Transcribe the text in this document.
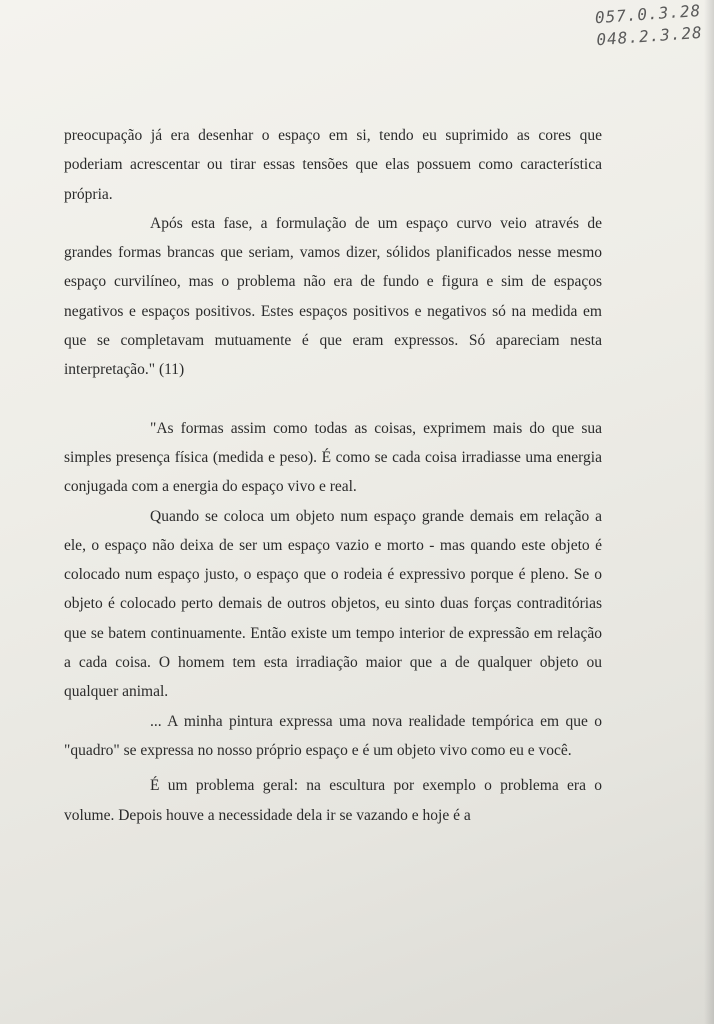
057.0.3.28
048.2.3.28

preocupação já era desenhar o espaço em si, tendo eu suprimido as cores que poderiam acrescentar ou tirar essas tensões que elas possuem como característica própria.

Após esta fase, a formulação de um espaço curvo veio através de grandes formas brancas que seriam, vamos dizer, sólidos planificados nesse mesmo espaço curvilíneo, mas o problema não era de fundo e figura e sim de espaços negativos e espaços positivos. Estes espaços positivos e negativos só na medida em que se completavam mutuamente é que eram expressos. Só apareciam nesta interpretação." (11)

"As formas assim como todas as coisas, exprimem mais do que sua simples presença física (medida e peso). É como se cada coisa irradiasse uma energia conjugada com a energia do espaço vivo e real.

Quando se coloca um objeto num espaço grande demais em relação a ele, o espaço não deixa de ser um espaço vazio e morto - mas quando este objeto é colocado num espaço justo, o espaço que o rodeia é expressivo porque é pleno. Se o objeto é colocado perto demais de outros objetos, eu sinto duas forças contraditórias que se batem continuamente. Então existe um tempo interior de expressão em relação a cada coisa. O homem tem esta irradiação maior que a de qualquer objeto ou qualquer animal.

... A minha pintura expressa uma nova realidade tempórica em que o "quadro" se expressa no nosso próprio espaço e é um objeto vivo como eu e você.

É um problema geral: na escultura por exemplo o problema era o volume. Depois houve a necessidade dela ir se vazando e hoje é a
